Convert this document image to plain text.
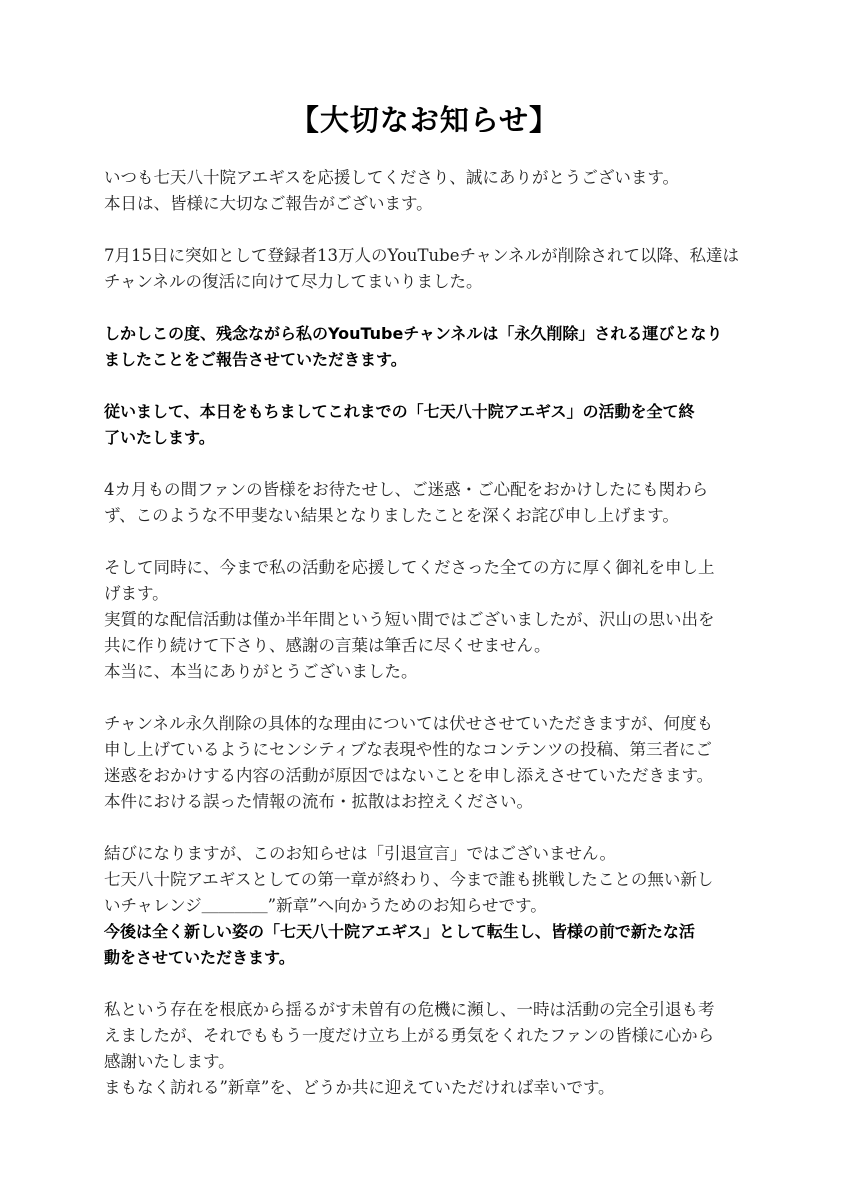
【大切なお知らせ】
いつも七天八十院アエギスを応援してくださり、誠にありがとうございます。
本日は、皆様に大切なご報告がございます。
7月15日に突如として登録者13万人のYouTubeチャンネルが削除されて以降、私達は
チャンネルの復活に向けて尽力してまいりました。
しかしこの度、残念ながら私のYouTubeチャンネルは「永久削除」される運びとなり
ましたことをご報告させていただきます。
従いまして、本日をもちましてこれまでの「七天八十院アエギス」の活動を全て終
了いたします。
4カ月もの間ファンの皆様をお待たせし、ご迷惑・ご心配をおかけしたにも関わら
ず、このような不甲斐ない結果となりましたことを深くお詫び申し上げます。
そして同時に、今まで私の活動を応援してくださった全ての方に厚く御礼を申し上
げます。
実質的な配信活動は僅か半年間という短い間ではございましたが、沢山の思い出を
共に作り続けて下さり、感謝の言葉は筆舌に尽くせません。
本当に、本当にありがとうございました。
チャンネル永久削除の具体的な理由については伏せさせていただきますが、何度も
申し上げているようにセンシティブな表現や性的なコンテンツの投稿、第三者にご
迷惑をおかけする内容の活動が原因ではないことを申し添えさせていただきます。
本件における誤った情報の流布・拡散はお控えください。
結びになりますが、このお知らせは「引退宣言」ではございません。
七天八十院アエギスとしての第一章が終わり、今まで誰も挑戦したことの無い新し
いチャレンジ＿＿＿＿”新章”へ向かうためのお知らせです。
今後は全く新しい姿の「七天八十院アエギス」として転生し、皆様の前で新たな活
動をさせていただきます。
私という存在を根底から揺るがす未曽有の危機に瀕し、一時は活動の完全引退も考
えましたが、それでももう一度だけ立ち上がる勇気をくれたファンの皆様に心から
感謝いたします。
まもなく訪れる”新章”を、どうか共に迎えていただければ幸いです。
